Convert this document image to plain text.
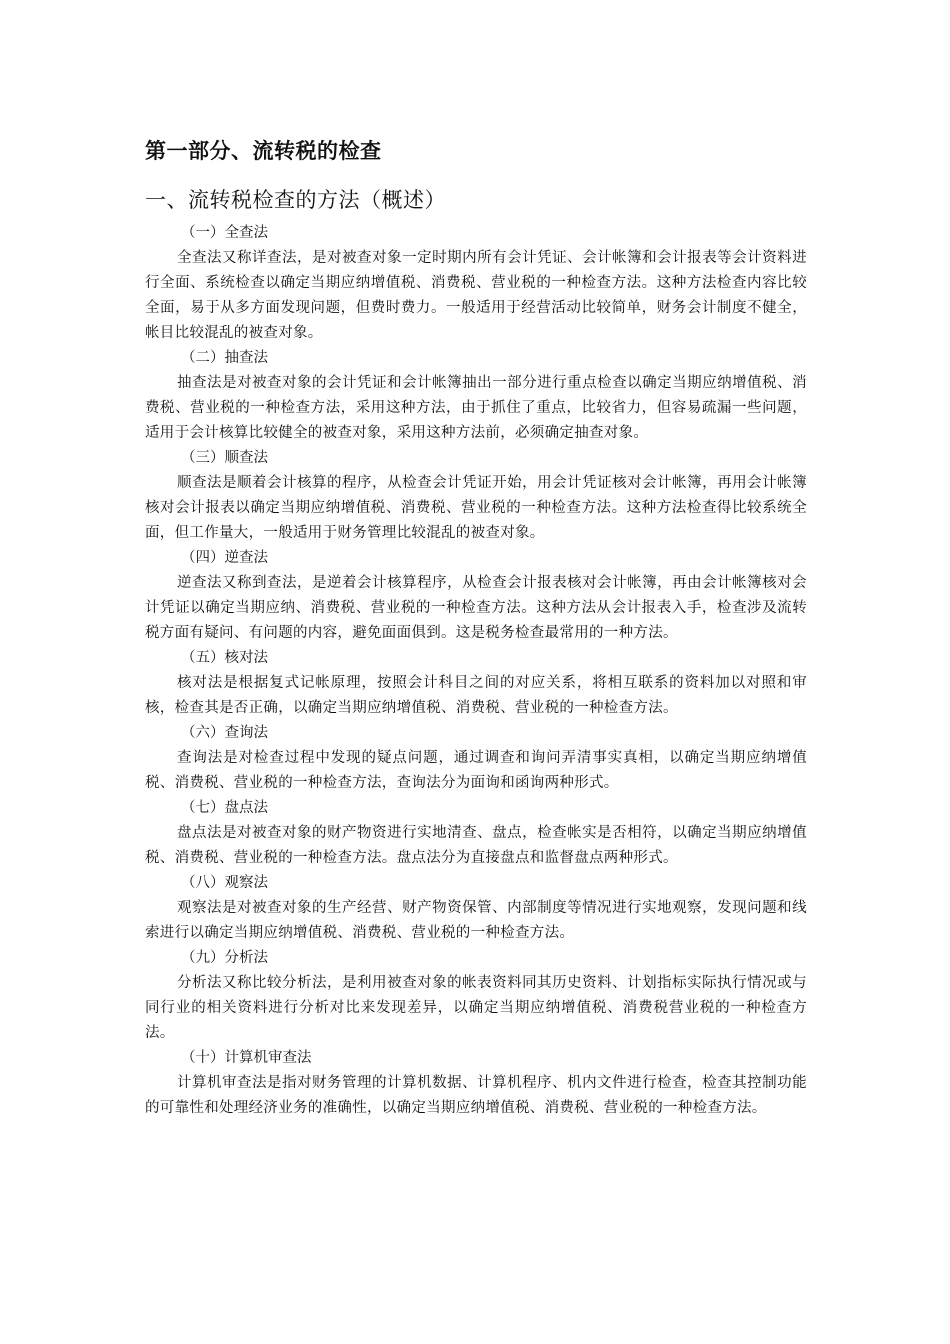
第一部分、流转税的检查
一、流转税检查的方法（概述）

（一）全查法

全查法又称详查法，是对被查对象一定时期内所有会计凭证、会计帐簿和会计报表等会计资料进行全面、系统检查以确定当期应纳增值税、消费税、营业税的一种检查方法。这种方法检查内容比较全面，易于从多方面发现问题，但费时费力。一般适用于经营活动比较简单，财务会计制度不健全，帐目比较混乱的被查对象。

（二）抽查法

抽查法是对被查对象的会计凭证和会计帐簿抽出一部分进行重点检查以确定当期应纳增值税、消费税、营业税的一种检查方法，采用这种方法，由于抓住了重点，比较省力，但容易疏漏一些问题，适用于会计核算比较健全的被查对象，采用这种方法前，必须确定抽查对象。

（三）顺查法

顺查法是顺着会计核算的程序，从检查会计凭证开始，用会计凭证核对会计帐簿，再用会计帐簿核对会计报表以确定当期应纳增值税、消费税、营业税的一种检查方法。这种方法检查得比较系统全面，但工作量大，一般适用于财务管理比较混乱的被查对象。

（四）逆查法

逆查法又称到查法，是逆着会计核算程序，从检查会计报表核对会计帐簿，再由会计帐簿核对会计凭证以确定当期应纳、消费税、营业税的一种检查方法。这种方法从会计报表入手，检查涉及流转税方面有疑问、有问题的内容，避免面面俱到。这是税务检查最常用的一种方法。

（五）核对法

核对法是根据复式记帐原理，按照会计科目之间的对应关系，将相互联系的资料加以对照和审核，检查其是否正确，以确定当期应纳增值税、消费税、营业税的一种检查方法。

（六）查询法

查询法是对检查过程中发现的疑点问题，通过调查和询问弄清事实真相，以确定当期应纳增值税、消费税、营业税的一种检查方法，查询法分为面询和函询两种形式。

（七）盘点法

盘点法是对被查对象的财产物资进行实地清查、盘点，检查帐实是否相符，以确定当期应纳增值税、消费税、营业税的一种检查方法。盘点法分为直接盘点和监督盘点两种形式。

（八）观察法

观察法是对被查对象的生产经营、财产物资保管、内部制度等情况进行实地观察，发现问题和线索进行以确定当期应纳增值税、消费税、营业税的一种检查方法。

（九）分析法

分析法又称比较分析法，是利用被查对象的帐表资料同其历史资料、计划指标实际执行情况或与同行业的相关资料进行分析对比来发现差异，以确定当期应纳增值税、消费税营业税的一种检查方法。

（十）计算机审查法

计算机审查法是指对财务管理的计算机数据、计算机程序、机内文件进行检查，检查其控制功能的可靠性和处理经济业务的准确性，以确定当期应纳增值税、消费税、营业税的一种检查方法。
